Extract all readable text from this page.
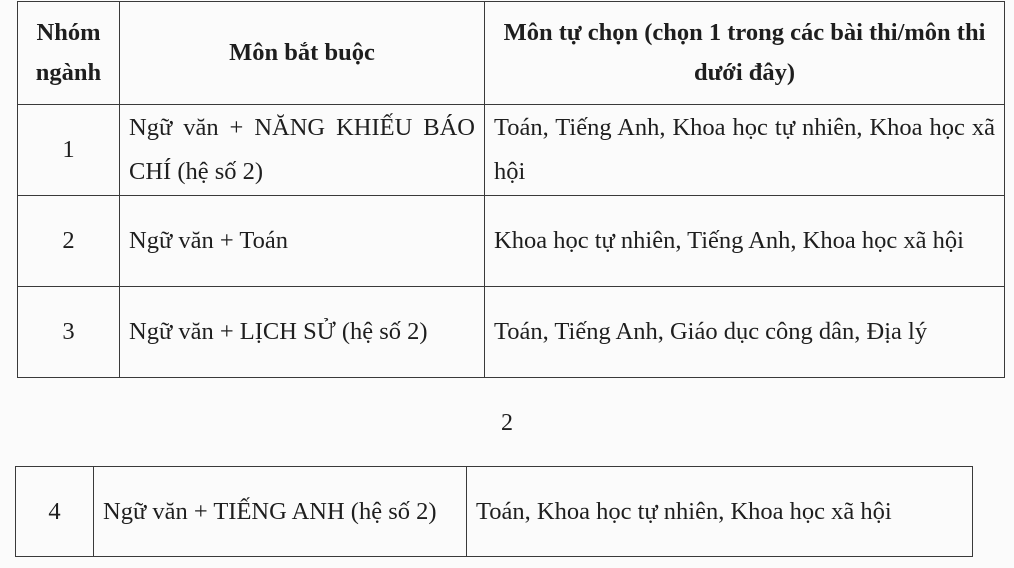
Nhóm ngành	Môn bắt buộc	Môn tự chọn (chọn 1 trong các bài thi/môn thi dưới đây)
1	Ngữ văn + NĂNG KHIẾU BÁO CHÍ (hệ số 2)	Toán, Tiếng Anh, Khoa học tự nhiên, Khoa học xã hội
2	Ngữ văn + Toán	Khoa học tự nhiên, Tiếng Anh, Khoa học xã hội
3	Ngữ văn + LỊCH SỬ (hệ số 2)	Toán, Tiếng Anh, Giáo dục công dân, Địa lý
2
4	Ngữ văn + TIẾNG ANH (hệ số 2)	Toán, Khoa học tự nhiên, Khoa học xã hội
